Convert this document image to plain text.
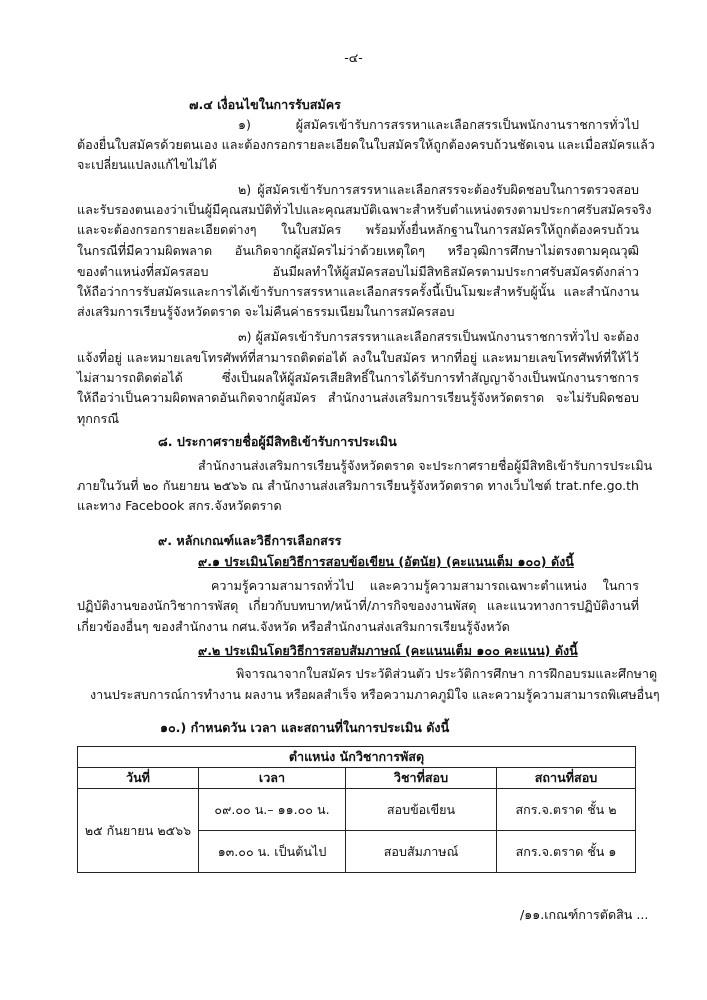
-๔-
๗.๔ เงื่อนไขในการรับสมัคร
๑) ผู้สมัครเข้ารับการสรรหาและเลือกสรรเป็นพนักงานราชการทั่วไป
ต้องยื่นใบสมัครด้วยตนเอง และต้องกรอกรายละเอียดในใบสมัครให้ถูกต้องครบถ้วนชัดเจน และเมื่อสมัครแล้ว
จะเปลี่ยนแปลงแก้ไขไม่ได้
๒) ผู้สมัครเข้ารับการสรรหาและเลือกสรรจะต้องรับผิดชอบในการตรวจสอบ
และรับรองตนเองว่าเป็นผู้มีคุณสมบัติทั่วไปและคุณสมบัติเฉพาะสำหรับตำแหน่งตรงตามประกาศรับสมัครจริง
และจะต้องกรอกรายละเอียดต่างๆ ในใบสมัคร พร้อมทั้งยื่นหลักฐานในการสมัครให้ถูกต้องครบถ้วน
ในกรณีที่มีความผิดพลาด อันเกิดจากผู้สมัครไม่ว่าด้วยเหตุใดๆ หรือวุฒิการศึกษาไม่ตรงตามคุณวุฒิ
ของตำแหน่งที่สมัครสอบ อันมีผลทำให้ผู้สมัครสอบไม่มีสิทธิสมัครตามประกาศรับสมัครดังกล่าว
ให้ถือว่าการรับสมัครและการได้เข้ารับการสรรหาและเลือกสรรครั้งนี้เป็นโมฆะสำหรับผู้นั้น และสำนักงาน
ส่งเสริมการเรียนรู้จังหวัดตราด จะไม่คืนค่าธรรมเนียมในการสมัครสอบ
๓) ผู้สมัครเข้ารับการสรรหาและเลือกสรรเป็นพนักงานราชการทั่วไป จะต้อง
แจ้งที่อยู่ และหมายเลขโทรศัพท์ที่สามารถติดต่อได้ ลงในใบสมัคร หากที่อยู่ และหมายเลขโทรศัพท์ที่ให้ไว้
ไม่สามารถติดต่อได้ ซึ่งเป็นผลให้ผู้สมัครเสียสิทธิ์ในการได้รับการทำสัญญาจ้างเป็นพนักงานราชการ
ให้ถือว่าเป็นความผิดพลาดอันเกิดจากผู้สมัคร สำนักงานส่งเสริมการเรียนรู้จังหวัดตราด จะไม่รับผิดชอบ
ทุกกรณี
๘. ประกาศรายชื่อผู้มีสิทธิเข้ารับการประเมิน
สำนักงานส่งเสริมการเรียนรู้จังหวัดตราด จะประกาศรายชื่อผู้มีสิทธิเข้ารับการประเมิน
ภายในวันที่ ๒๐ กันยายน ๒๕๖๖ ณ สำนักงานส่งเสริมการเรียนรู้จังหวัดตราด ทางเว็บไซต์ trat.nfe.go.th
และทาง Facebook สกร.จังหวัดตราด
๙. หลักเกณฑ์และวิธีการเลือกสรร
๙.๑ ประเมินโดยวิธีการสอบข้อเขียน (อัตนัย) (คะแนนเต็ม ๑๐๐) ดังนี้
ความรู้ความสามารถทั่วไป และความรู้ความสามารถเฉพาะตำแหน่ง ในการ
ปฏิบัติงานของนักวิชาการพัสดุ เกี่ยวกับบทบาท/หน้าที่/ภารกิจของงานพัสดุ และแนวทางการปฏิบัติงานที่
เกี่ยวข้องอื่นๆ ของสำนักงาน กศน.จังหวัด หรือสำนักงานส่งเสริมการเรียนรู้จังหวัด
๙.๒ ประเมินโดยวิธีการสอบสัมภาษณ์ (คะแนนเต็ม ๑๐๐ คะแนน) ดังนี้
พิจารณาจากใบสมัคร ประวัติส่วนตัว ประวัติการศึกษา การฝึกอบรมและศึกษาดู
งานประสบการณ์การทำงาน ผลงาน หรือผลสำเร็จ หรือความภาคภูมิใจ และความรู้ความสามารถพิเศษอื่นๆ
๑๐.) กำหนดวัน เวลา และสถานที่ในการประเมิน ดังนี้
ตำแหน่ง นักวิชาการพัสดุ			
วันที่	เวลา	วิชาที่สอบ	สถานที่สอบ
๒๕ กันยายน ๒๕๖๖	๐๙.๐๐ น.– ๑๑.๐๐ น.	สอบข้อเขียน	สกร.จ.ตราด ชั้น ๒
	๑๓.๐๐ น. เป็นต้นไป	สอบสัมภาษณ์	สกร.จ.ตราด ชั้น ๑
/๑๑.เกณฑ์การตัดสิน ...
